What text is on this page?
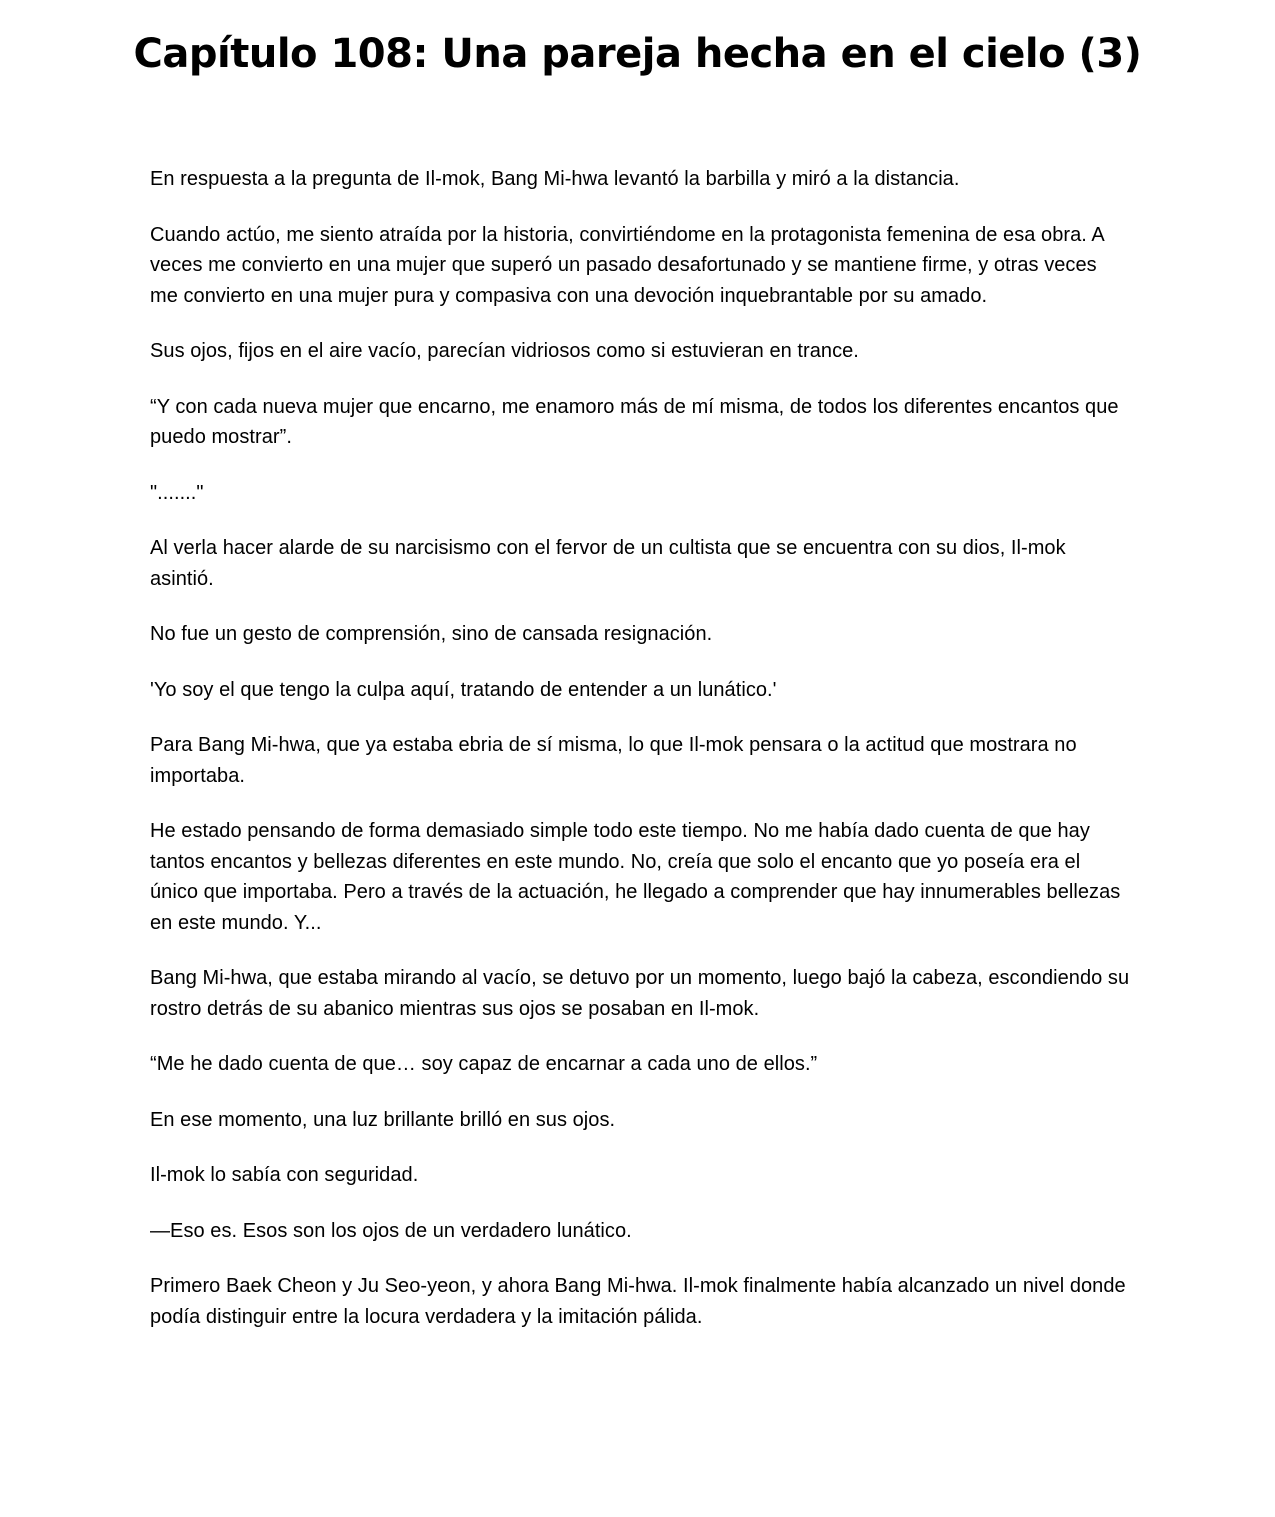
Capítulo 108: Una pareja hecha en el cielo (3)

En respuesta a la pregunta de Il-mok, Bang Mi-hwa levantó la barbilla y miró a la distancia.

Cuando actúo, me siento atraída por la historia, convirtiéndome en la protagonista femenina de esa obra. A veces me convierto en una mujer que superó un pasado desafortunado y se mantiene firme, y otras veces me convierto en una mujer pura y compasiva con una devoción inquebrantable por su amado.

Sus ojos, fijos en el aire vacío, parecían vidriosos como si estuvieran en trance.

“Y con cada nueva mujer que encarno, me enamoro más de mí misma, de todos los diferentes encantos que puedo mostrar”.

"......."

Al verla hacer alarde de su narcisismo con el fervor de un cultista que se encuentra con su dios, Il-mok asintió.

No fue un gesto de comprensión, sino de cansada resignación.

'Yo soy el que tengo la culpa aquí, tratando de entender a un lunático.'

Para Bang Mi-hwa, que ya estaba ebria de sí misma, lo que Il-mok pensara o la actitud que mostrara no importaba.

He estado pensando de forma demasiado simple todo este tiempo. No me había dado cuenta de que hay tantos encantos y bellezas diferentes en este mundo. No, creía que solo el encanto que yo poseía era el único que importaba. Pero a través de la actuación, he llegado a comprender que hay innumerables bellezas en este mundo. Y...

Bang Mi-hwa, que estaba mirando al vacío, se detuvo por un momento, luego bajó la cabeza, escondiendo su rostro detrás de su abanico mientras sus ojos se posaban en Il-mok.

“Me he dado cuenta de que… soy capaz de encarnar a cada uno de ellos.”

En ese momento, una luz brillante brilló en sus ojos.

Il-mok lo sabía con seguridad.

—Eso es. Esos son los ojos de un verdadero lunático.

Primero Baek Cheon y Ju Seo-yeon, y ahora Bang Mi-hwa. Il-mok finalmente había alcanzado un nivel donde podía distinguir entre la locura verdadera y la imitación pálida.
